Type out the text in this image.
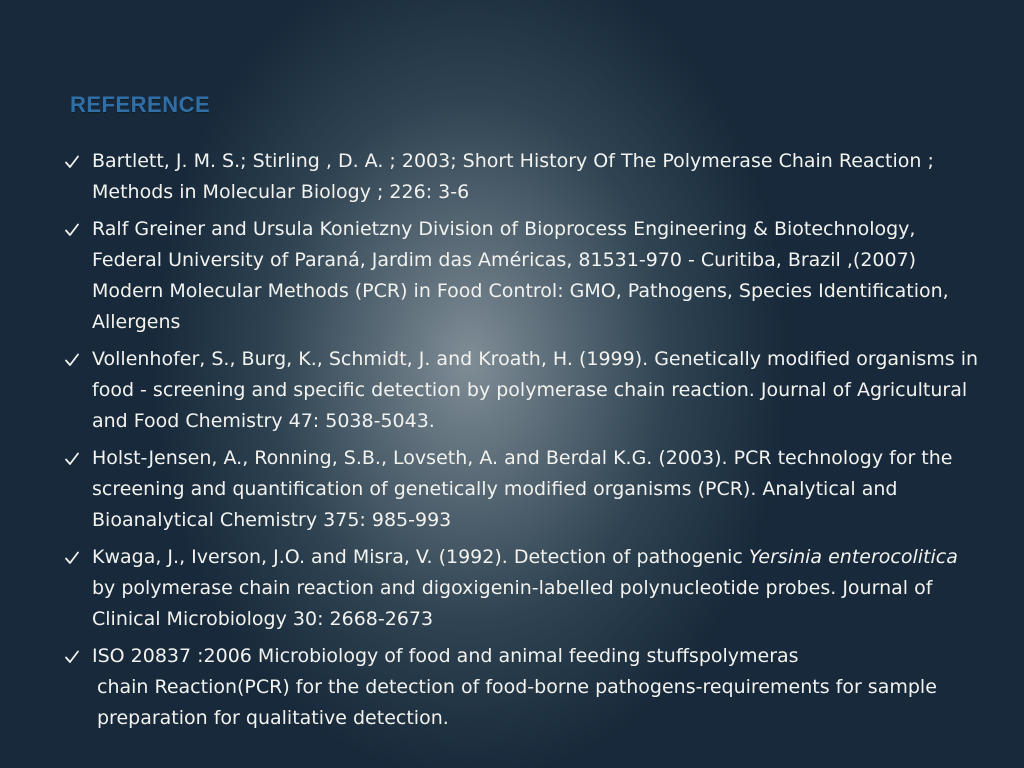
REFERENCE
Bartlett, J. M. S.; Stirling , D. A. ; 2003; Short History Of The Polymerase Chain Reaction ; Methods in Molecular Biology ; 226: 3-6
Ralf Greiner and Ursula Konietzny Division of Bioprocess Engineering & Biotechnology, Federal University of Paraná, Jardim das Américas, 81531-970 - Curitiba, Brazil ,(2007) Modern Molecular Methods (PCR) in Food Control: GMO, Pathogens, Species Identification, Allergens
Vollenhofer, S., Burg, K., Schmidt, J. and Kroath, H. (1999). Genetically modified organisms in food - screening and specific detection by polymerase chain reaction. Journal of Agricultural and Food Chemistry 47: 5038-5043.
Holst-Jensen, A., Ronning, S.B., Lovseth, A. and Berdal K.G. (2003). PCR technology for the screening and quantification of genetically modified organisms (PCR). Analytical and Bioanalytical Chemistry 375: 985-993
Kwaga, J., Iverson, J.O. and Misra, V. (1992). Detection of pathogenic Yersinia enterocolitica by polymerase chain reaction and digoxigenin-labelled polynucleotide probes. Journal of Clinical Microbiology 30: 2668-2673
ISO 20837 :2006 Microbiology of food and animal feeding stuffspolymeras
chain Reaction(PCR) for the detection of food-borne pathogens-requirements for sample preparation for qualitative detection.
